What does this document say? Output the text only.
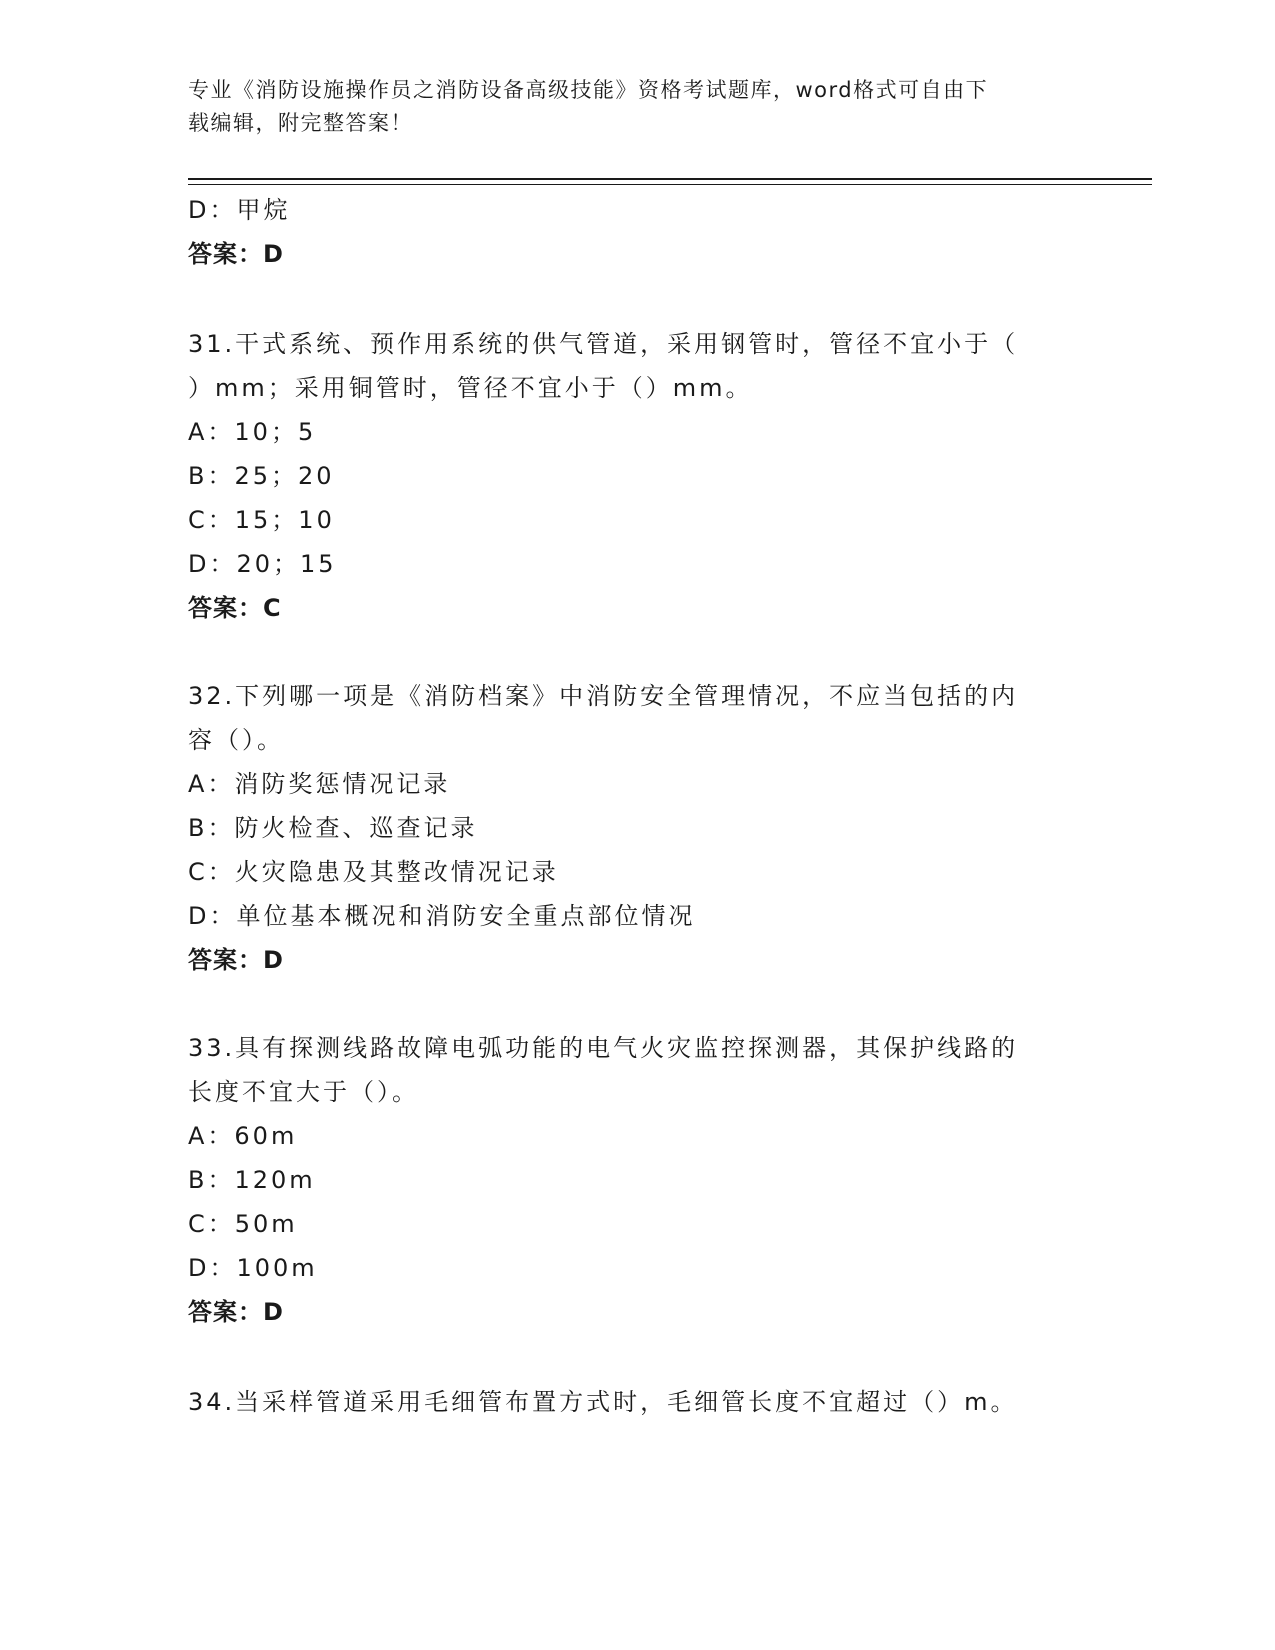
专业《消防设施操作员之消防设备高级技能》资格考试题库，word格式可自由下
载编辑，附完整答案！
D：甲烷
答案：D
31.干式系统、预作用系统的供气管道，采用钢管时，管径不宜小于（
）mm；采用铜管时，管径不宜小于（）mm。
A：10；5
B：25；20
C：15；10
D：20；15
答案：C
32.下列哪一项是《消防档案》中消防安全管理情况，不应当包括的内
容（）。
A：消防奖惩情况记录
B：防火检查、巡查记录
C：火灾隐患及其整改情况记录
D：单位基本概况和消防安全重点部位情况
答案：D
33.具有探测线路故障电弧功能的电气火灾监控探测器，其保护线路的
长度不宜大于（）。
A：60m
B：120m
C：50m
D：100m
答案：D
34.当采样管道采用毛细管布置方式时，毛细管长度不宜超过（）m。
